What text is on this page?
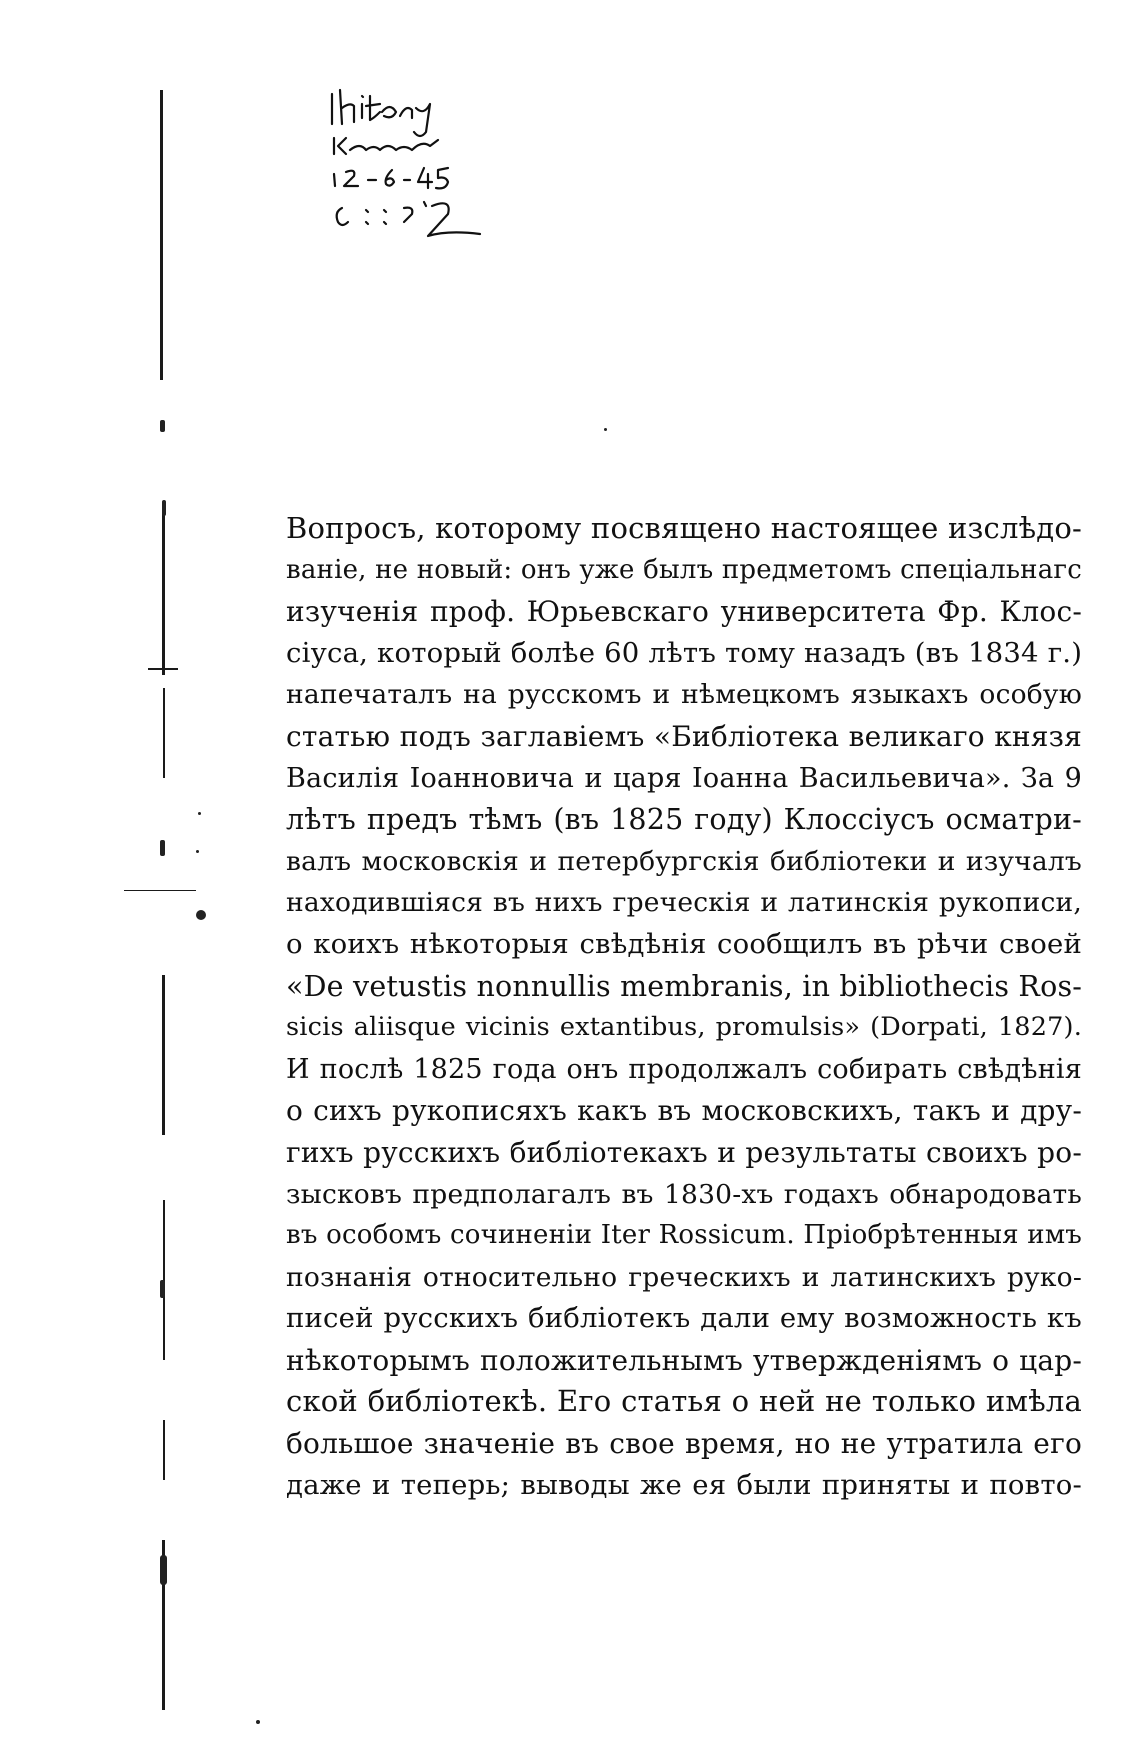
Вопросъ, которому посвящено настоящее изслѣдо-
ваніе, не новый: онъ уже былъ предметомъ спеціальнагс
изученія проф. Юрьевскаго университета Фр. Клос-
сіуса, который болѣе 60 лѣтъ тому назадъ (въ 1834 г.)
напечаталъ на русскомъ и нѣмецкомъ языкахъ особую
статью подъ заглавіемъ «Библіотека великаго князя
Василія Іоанновича и царя Іоанна Васильевича». За 9
лѣтъ предъ тѣмъ (въ 1825 году) Клоссіусъ осматри-
валъ московскія и петербургскія библіотеки и изучалъ
находившіяся въ нихъ греческія и латинскія рукописи,
о коихъ нѣкоторыя свѣдѣнія сообщилъ въ рѣчи своей
«De vetustis nonnullis membranis, in bibliothecis Ros-
sicis aliisque vicinis extantibus, promulsis» (Dorpati, 1827).
И послѣ 1825 года онъ продолжалъ собирать свѣдѣнія
о сихъ рукописяхъ какъ въ московскихъ, такъ и дру-
гихъ русскихъ библіотекахъ и результаты своихъ ро-
зысковъ предполагалъ въ 1830-хъ годахъ обнародовать
въ особомъ сочиненіи Iter Rossicum. Пріобрѣтенныя имъ
познанія относительно греческихъ и латинскихъ руко-
писей русскихъ библіотекъ дали ему возможность къ
нѣкоторымъ положительнымъ утвержденіямъ о цар-
ской библіотекѣ. Его статья о ней не только имѣла
большое значеніе въ свое время, но не утратила его
даже и теперь; выводы же ея были приняты и повто-
